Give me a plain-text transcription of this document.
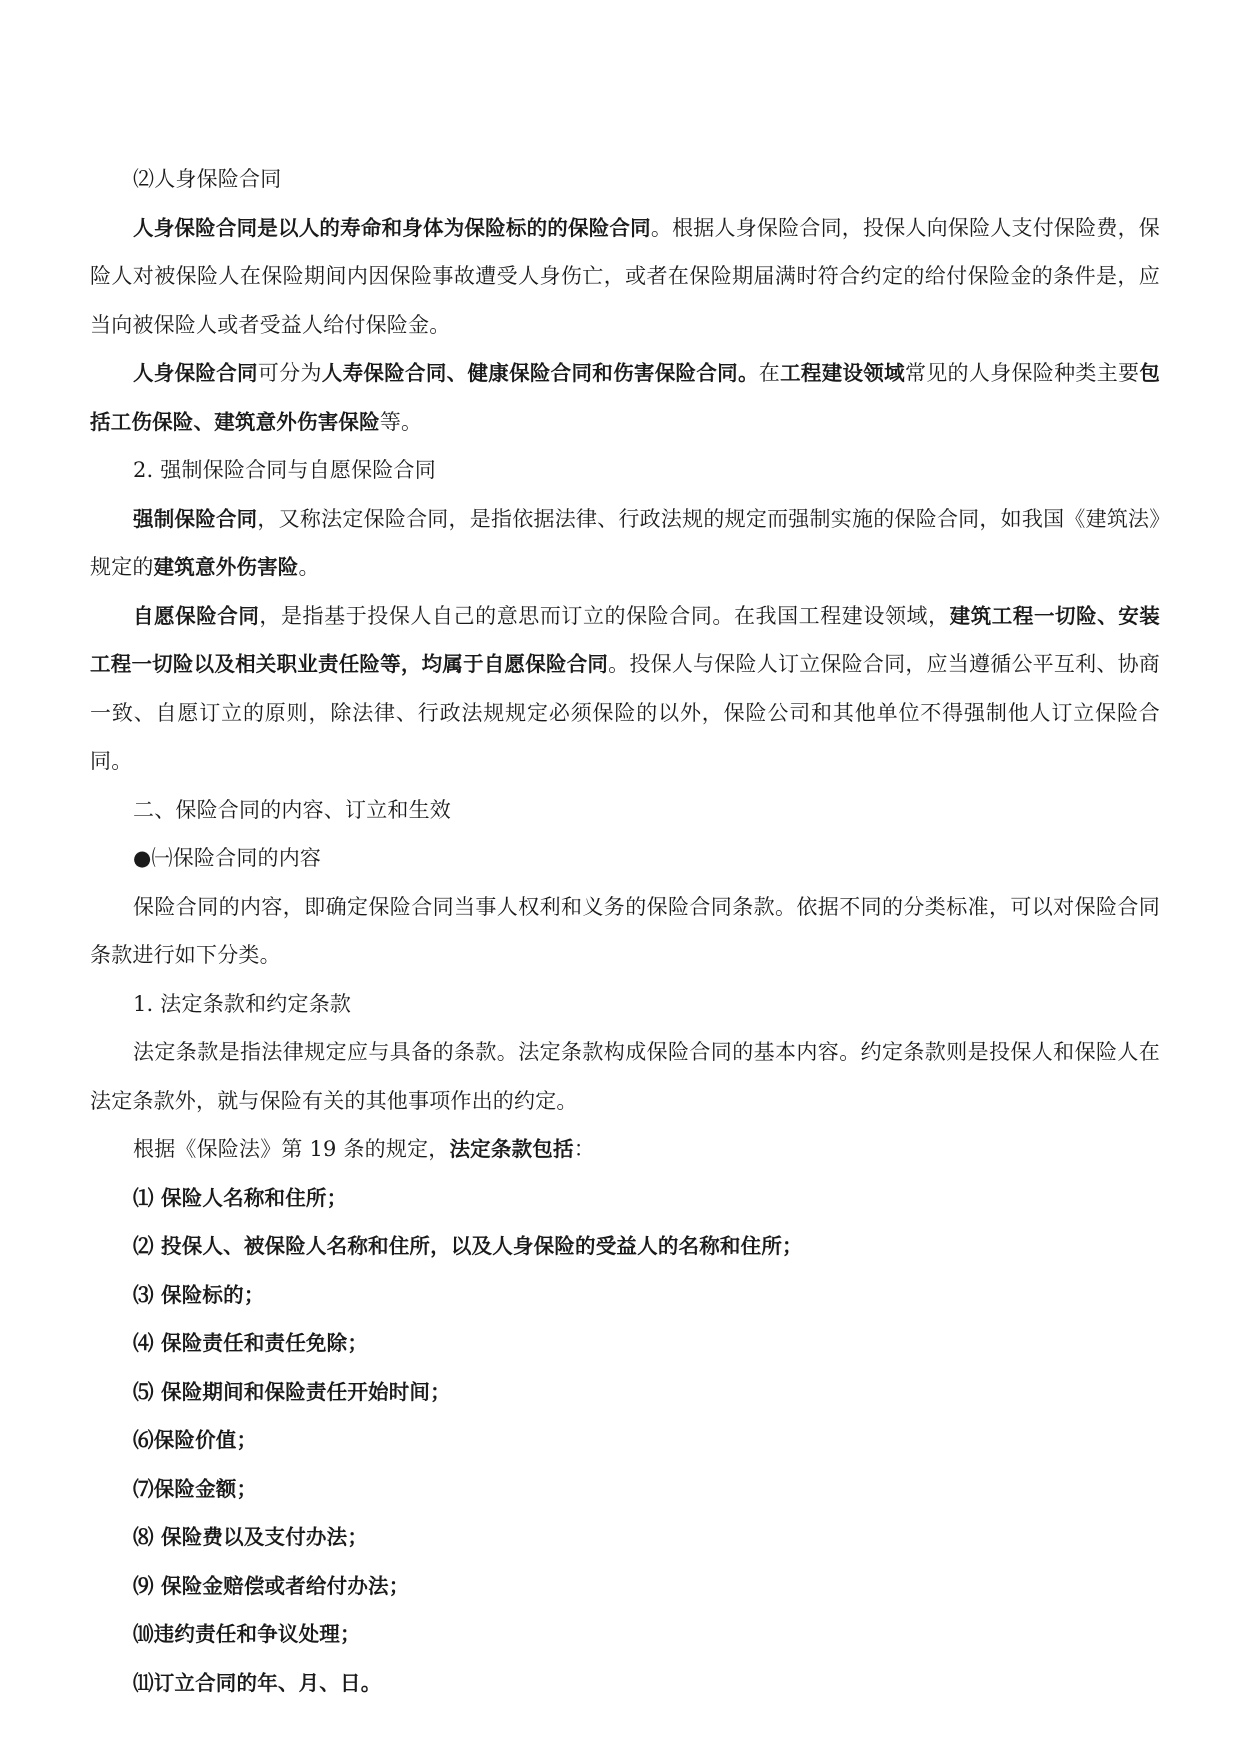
⑵人身保险合同

人身保险合同是以人的寿命和身体为保险标的的保险合同。根据人身保险合同，投保人向保险人支付保险费，保险人对被保险人在保险期间内因保险事故遭受人身伤亡，或者在保险期届满时符合约定的给付保险金的条件是，应当向被保险人或者受益人给付保险金。

人身保险合同可分为人寿保险合同、健康保险合同和伤害保险合同。在工程建设领域常见的人身保险种类主要包括工伤保险、建筑意外伤害保险等。

2. 强制保险合同与自愿保险合同

强制保险合同，又称法定保险合同，是指依据法律、行政法规的规定而强制实施的保险合同，如我国《建筑法》规定的建筑意外伤害险。

自愿保险合同，是指基于投保人自己的意思而订立的保险合同。在我国工程建设领域，建筑工程一切险、安装工程一切险以及相关职业责任险等，均属于自愿保险合同。投保人与保险人订立保险合同，应当遵循公平互利、协商一致、自愿订立的原则，除法律、行政法规规定必须保险的以外，保险公司和其他单位不得强制他人订立保险合同。

二、保险合同的内容、订立和生效

●㈠保险合同的内容

保险合同的内容，即确定保险合同当事人权利和义务的保险合同条款。依据不同的分类标准，可以对保险合同条款进行如下分类。

1. 法定条款和约定条款

法定条款是指法律规定应与具备的条款。法定条款构成保险合同的基本内容。约定条款则是投保人和保险人在法定条款外，就与保险有关的其他事项作出的约定。

根据《保险法》第 19 条的规定，法定条款包括：

⑴ 保险人名称和住所；

⑵ 投保人、被保险人名称和住所，以及人身保险的受益人的名称和住所；

⑶ 保险标的；

⑷ 保险责任和责任免除；

⑸ 保险期间和保险责任开始时间；

⑹保险价值；

⑺保险金额；

⑻ 保险费以及支付办法；

⑼ 保险金赔偿或者给付办法；

⑽违约责任和争议处理；

⑾订立合同的年、月、日。
